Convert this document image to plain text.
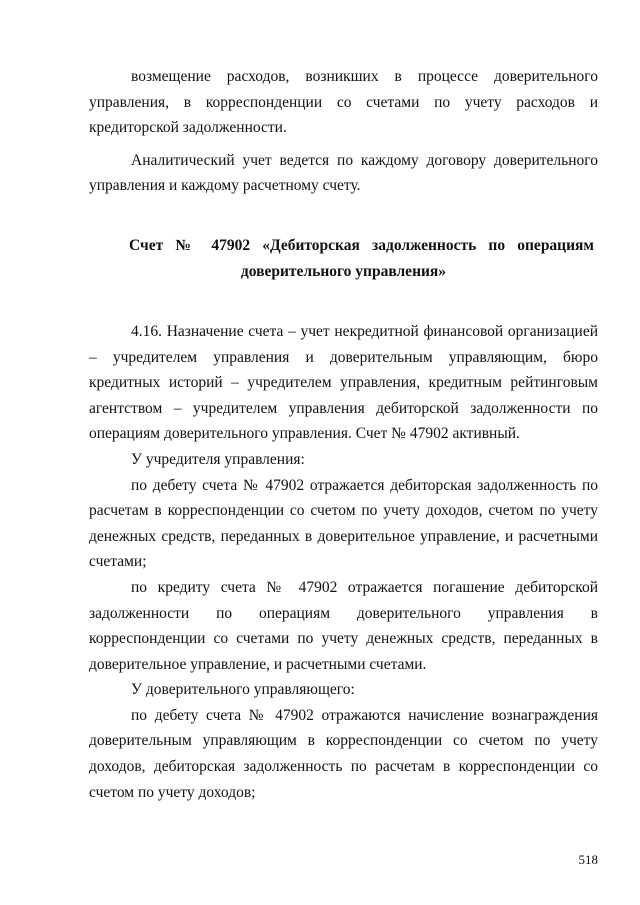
возмещение расходов, возникших в процессе доверительного управления, в корреспонденции со счетами по учету расходов и кредиторской задолженности.

Аналитический учет ведется по каждому договору доверительного управления и каждому расчетному счету.

Счет № 47902 «Дебиторская задолженность по операциям
доверительного управления»

4.16. Назначение счета – учет некредитной финансовой организацией – учредителем управления и доверительным управляющим, бюро кредитных историй – учредителем управления, кредитным рейтинговым агентством – учредителем управления дебиторской задолженности по операциям доверительного управления. Счет № 47902 активный.

У учредителя управления:

по дебету счета № 47902 отражается дебиторская задолженность по расчетам в корреспонденции со счетом по учету доходов, счетом по учету денежных средств, переданных в доверительное управление, и расчетными счетами;

по кредиту счета № 47902 отражается погашение дебиторской задолженности по операциям доверительного управления в корреспонденции со счетами по учету денежных средств, переданных в доверительное управление, и расчетными счетами.

У доверительного управляющего:

по дебету счета № 47902 отражаются начисление вознаграждения доверительным управляющим в корреспонденции со счетом по учету доходов, дебиторская задолженность по расчетам в корреспонденции со счетом по учету доходов;

518
